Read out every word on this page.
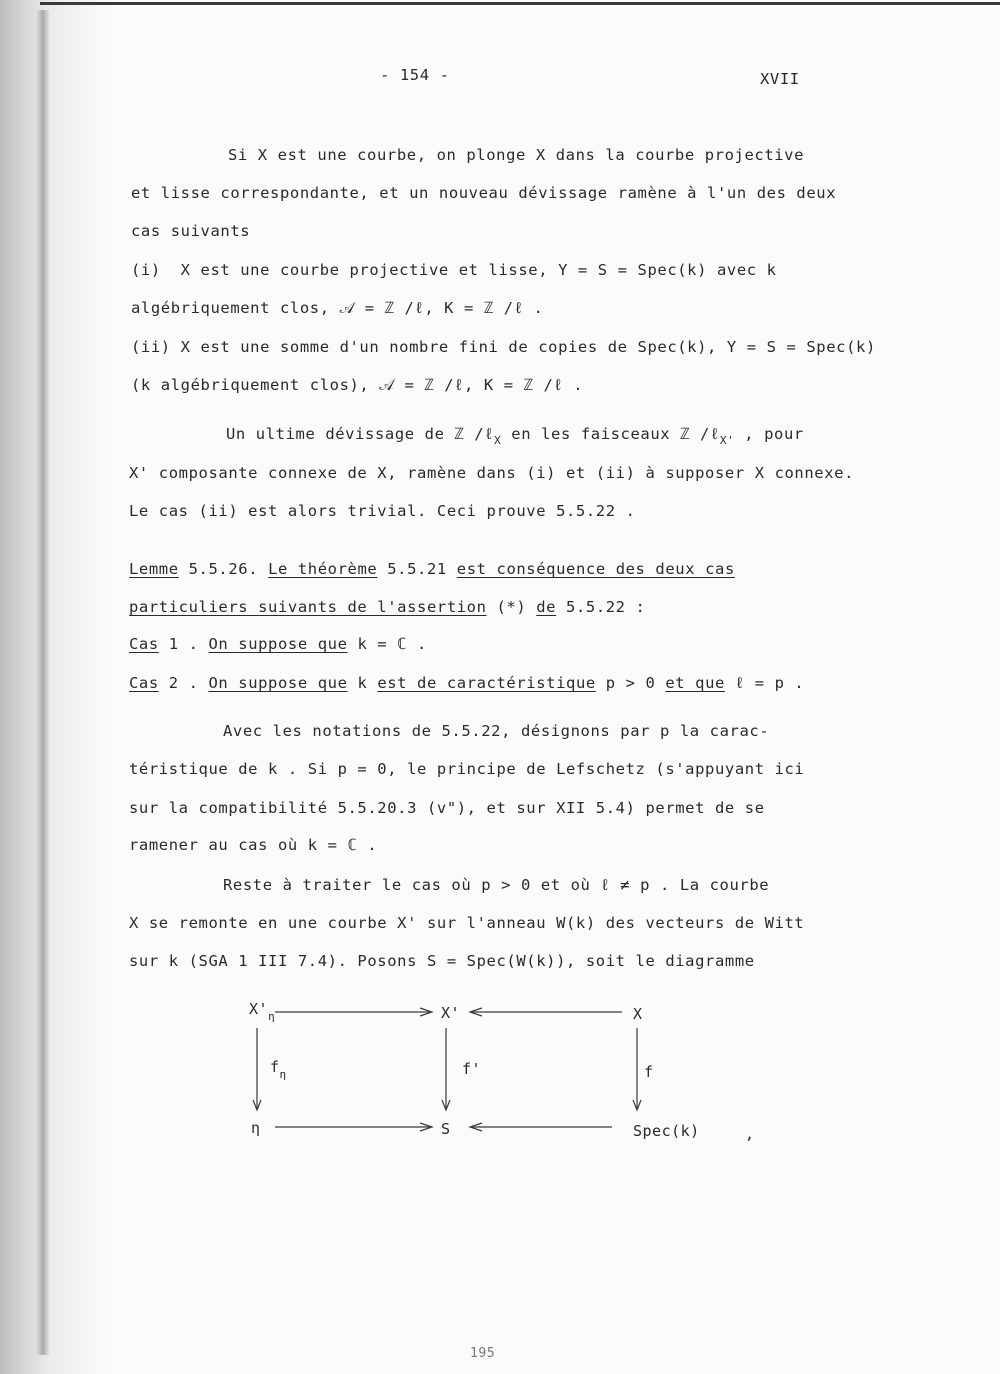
- 154 -	XVII
Si X est une courbe, on plonge X dans la courbe projective
et lisse correspondante, et un nouveau dévissage ramène à l'un des deux
cas suivants
(i)  X est une courbe projective et lisse, Y = S = Spec(k) avec k
algébriquement clos, 𝒜 = ℤ /ℓ, K = ℤ /ℓ .
(ii) X est une somme d'un nombre fini de copies de Spec(k), Y = S = Spec(k)
(k algébriquement clos), 𝒜 = ℤ /ℓ, K = ℤ /ℓ .
Un ultime dévissage de ℤ /ℓ$_X$ en les faisceaux ℤ /ℓ$_{X'}$ , pour
X' composante connexe de X, ramène dans (i) et (ii) à supposer X connexe.
Le cas (ii) est alors trivial. Ceci prouve 5.5.22 .
Lemme 5.5.26. Le théorème 5.5.21 est conséquence des deux cas
particuliers suivants de l'assertion (*) de 5.5.22 :
Cas 1 . On suppose que k = ℂ .
Cas 2 . On suppose que k est de caractéristique p > 0 et que ℓ = p .
Avec les notations de 5.5.22, désignons par p la carac-
téristique de k . Si p = 0, le principe de Lefschetz (s'appuyant ici
sur la compatibilité 5.5.20.3 (v"), et sur XII 5.4) permet de se
ramener au cas où k = ℂ .
Reste à traiter le cas où p > 0 et où ℓ ≠ p . La courbe
X se remonte en une courbe X' sur l'anneau W(k) des vecteurs de Witt
sur k (SGA 1 III 7.4). Posons S = Spec(W(k)), soit le diagramme
$X'_\eta$	X'	X
$f_\eta$	f'	f
η	S	Spec(k)	,
195
